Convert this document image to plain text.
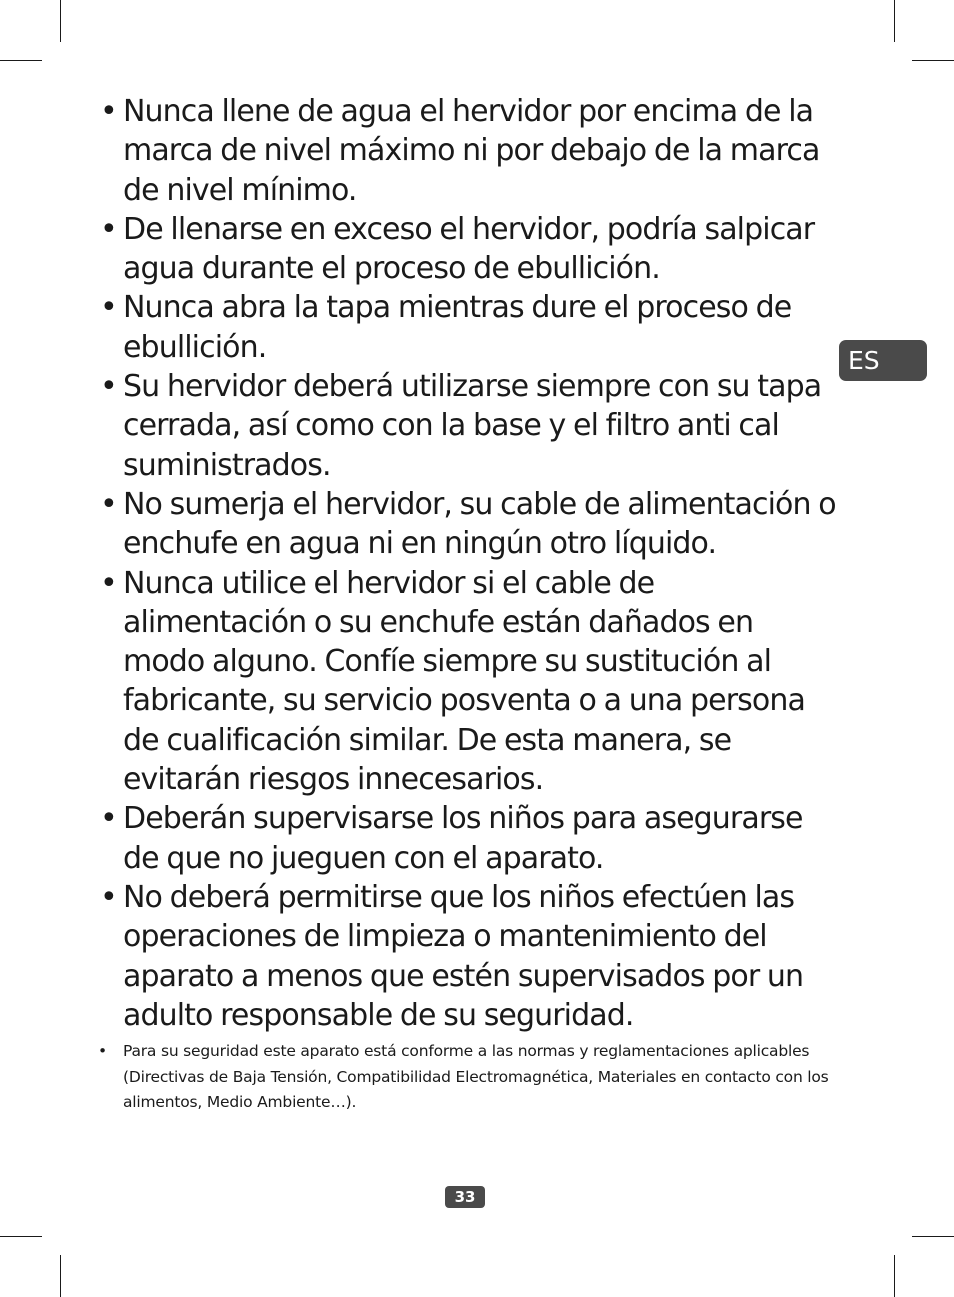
• Nunca llene de agua el hervidor por encima de la marca de nivel máximo ni por debajo de la marca de nivel mínimo.
• De llenarse en exceso el hervidor, podría salpicar agua durante el proceso de ebullición.
• Nunca abra la tapa mientras dure el proceso de ebullición.
• Su hervidor deberá utilizarse siempre con su tapa cerrada, así como con la base y el filtro anti cal suministrados.
• No sumerja el hervidor, su cable de alimentación o enchufe en agua ni en ningún otro líquido.
• Nunca utilice el hervidor si el cable de alimentación o su enchufe están dañados en modo alguno. Confíe siempre su sustitución al fabricante, su servicio posventa o a una persona de cualificación similar. De esta manera, se evitarán riesgos innecesarios.
• Deberán supervisarse los niños para asegurarse de que no jueguen con el aparato.
• No deberá permitirse que los niños efectúen las operaciones de limpieza o mantenimiento del aparato a menos que estén supervisados por un adulto responsable de su seguridad.
• Para su seguridad este aparato está conforme a las normas y reglamentaciones aplicables (Directivas de Baja Tensión, Compatibilidad Electromagnética, Materiales en contacto con los alimentos, Medio Ambiente…).
ES
33
